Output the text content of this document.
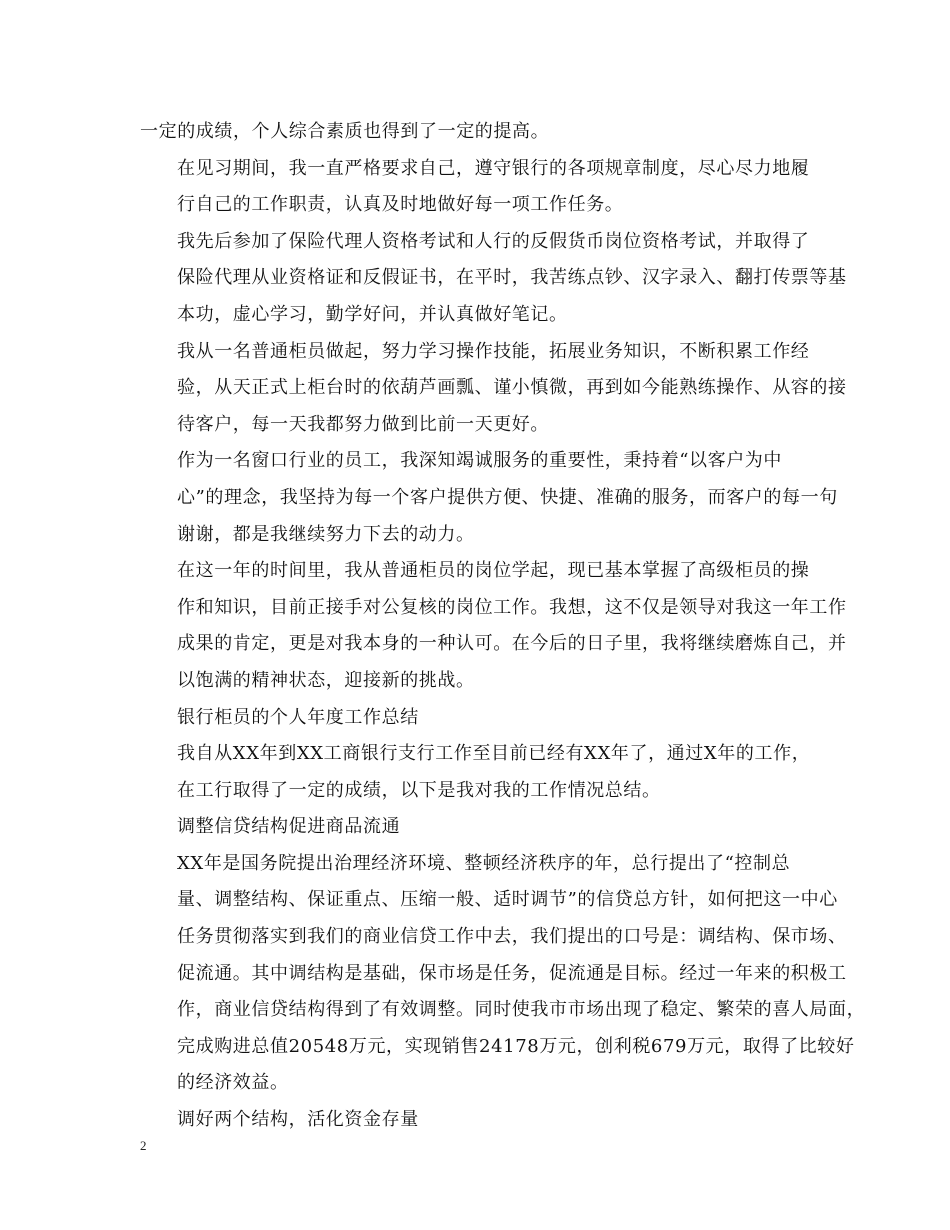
一定的成绩，个人综合素质也得到了一定的提高。

在见习期间，我一直严格要求自己，遵守银行的各项规章制度，尽心尽力地履
行自己的工作职责，认真及时地做好每一项工作任务。

我先后参加了保险代理人资格考试和人行的反假货币岗位资格考试，并取得了
保险代理从业资格证和反假证书，在平时，我苦练点钞、汉字录入、翻打传票等基
本功，虚心学习，勤学好问，并认真做好笔记。

我从一名普通柜员做起，努力学习操作技能，拓展业务知识，不断积累工作经
验，从天正式上柜台时的依葫芦画瓢、谨小慎微，再到如今能熟练操作、从容的接
待客户，每一天我都努力做到比前一天更好。

作为一名窗口行业的员工，我深知竭诚服务的重要性，秉持着“以客户为中
心”的理念，我坚持为每一个客户提供方便、快捷、准确的服务，而客户的每一句
谢谢，都是我继续努力下去的动力。

在这一年的时间里，我从普通柜员的岗位学起，现已基本掌握了高级柜员的操
作和知识，目前正接手对公复核的岗位工作。我想，这不仅是领导对我这一年工作
成果的肯定，更是对我本身的一种认可。在今后的日子里，我将继续磨炼自己，并
以饱满的精神状态，迎接新的挑战。

银行柜员的个人年度工作总结

我自从XX年到XX工商银行支行工作至目前已经有XX年了，通过X年的工作，
在工行取得了一定的成绩，以下是我对我的工作情况总结。

调整信贷结构促进商品流通

XX年是国务院提出治理经济环境、整顿经济秩序的年，总行提出了“控制总
量、调整结构、保证重点、压缩一般、适时调节”的信贷总方针，如何把这一中心
任务贯彻落实到我们的商业信贷工作中去，我们提出的口号是：调结构、保市场、
促流通。其中调结构是基础，保市场是任务，促流通是目标。经过一年来的积极工
作，商业信贷结构得到了有效调整。同时使我市市场出现了稳定、繁荣的喜人局面，
完成购进总值20548万元，实现销售24178万元，创利税679万元，取得了比较好
的经济效益。

调好两个结构，活化资金存量

2
